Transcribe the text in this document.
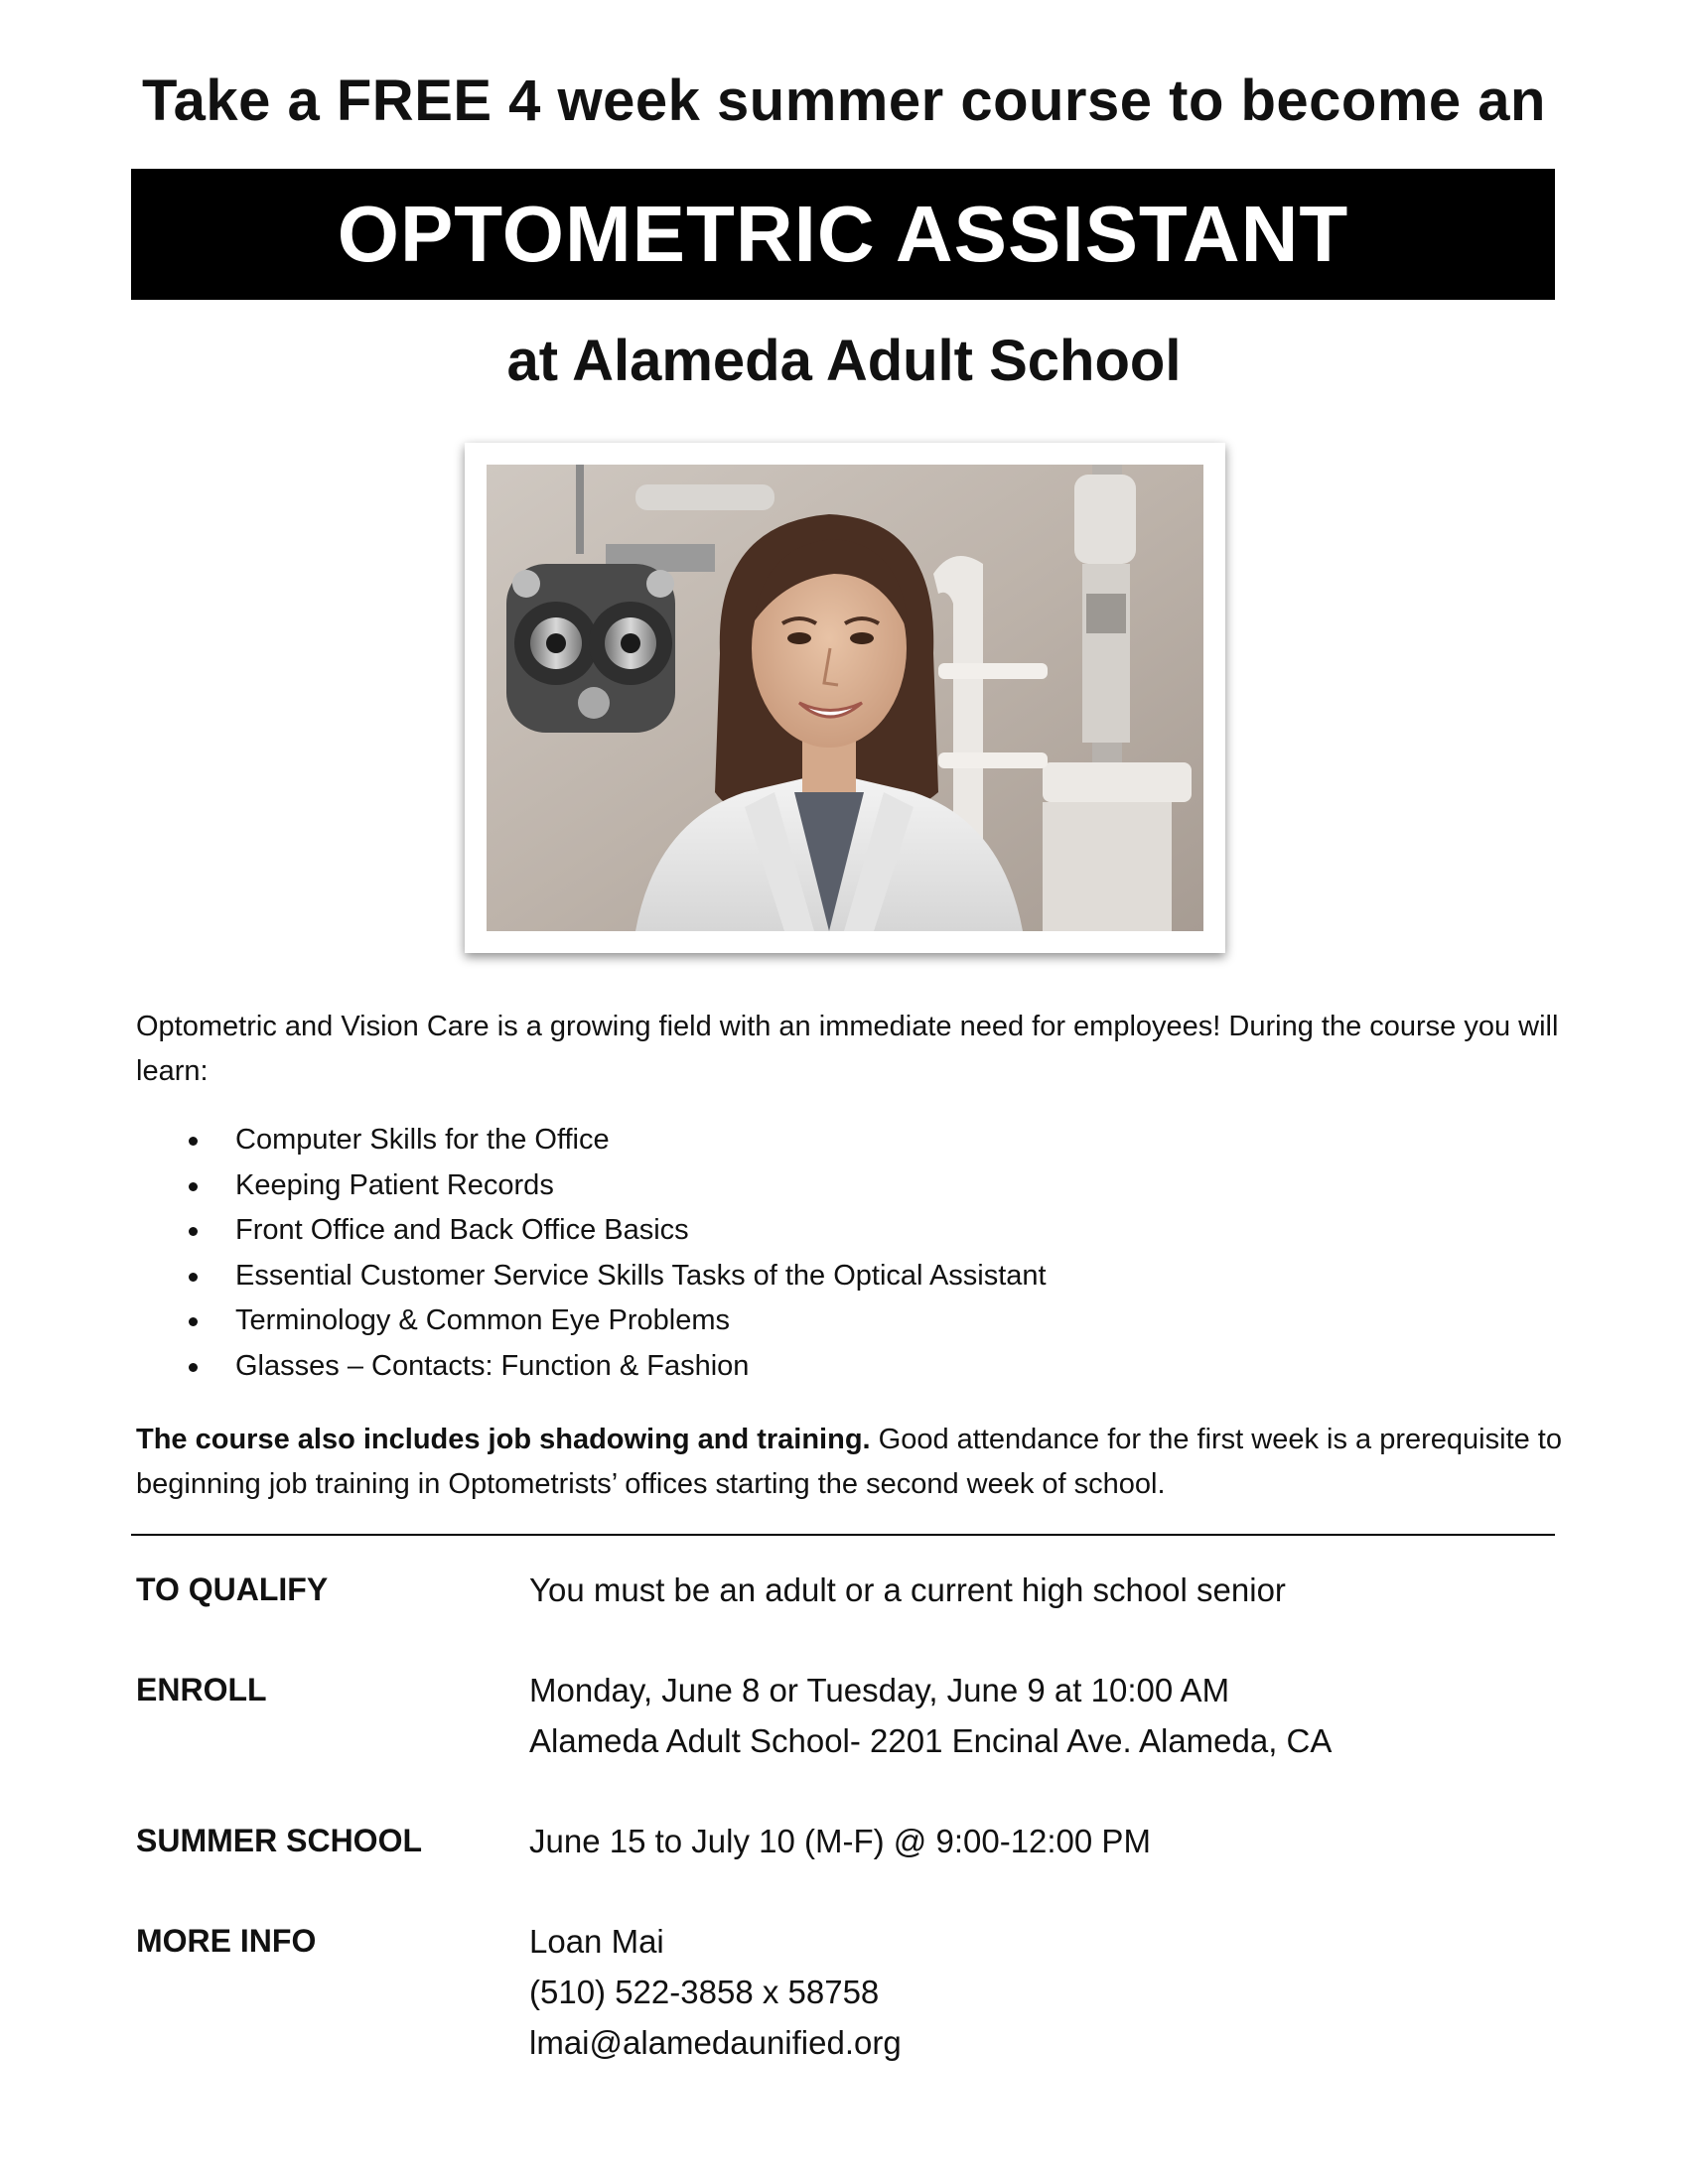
Take a FREE 4 week summer course to become an
OPTOMETRIC ASSISTANT
at Alameda Adult School
Optometric and Vision Care is a growing field with an immediate need for employees! During the course you will learn:
Computer Skills for the Office
Keeping Patient Records
Front Office and Back Office Basics
Essential Customer Service Skills Tasks of the Optical Assistant
Terminology & Common Eye Problems
Glasses – Contacts: Function & Fashion
The course also includes job shadowing and training. Good attendance for the first week is a prerequisite to beginning job training in Optometrists’ offices starting the second week of school.
TO QUALIFY	You must be an adult or a current high school senior
ENROLL	Monday, June 8 or Tuesday, June 9 at 10:00 AM
Alameda Adult School- 2201 Encinal Ave. Alameda, CA
SUMMER SCHOOL	June 15 to July 10 (M-F) @ 9:00-12:00 PM
MORE INFO	Loan Mai
(510) 522-3858 x 58758
lmai@alamedaunified.org
